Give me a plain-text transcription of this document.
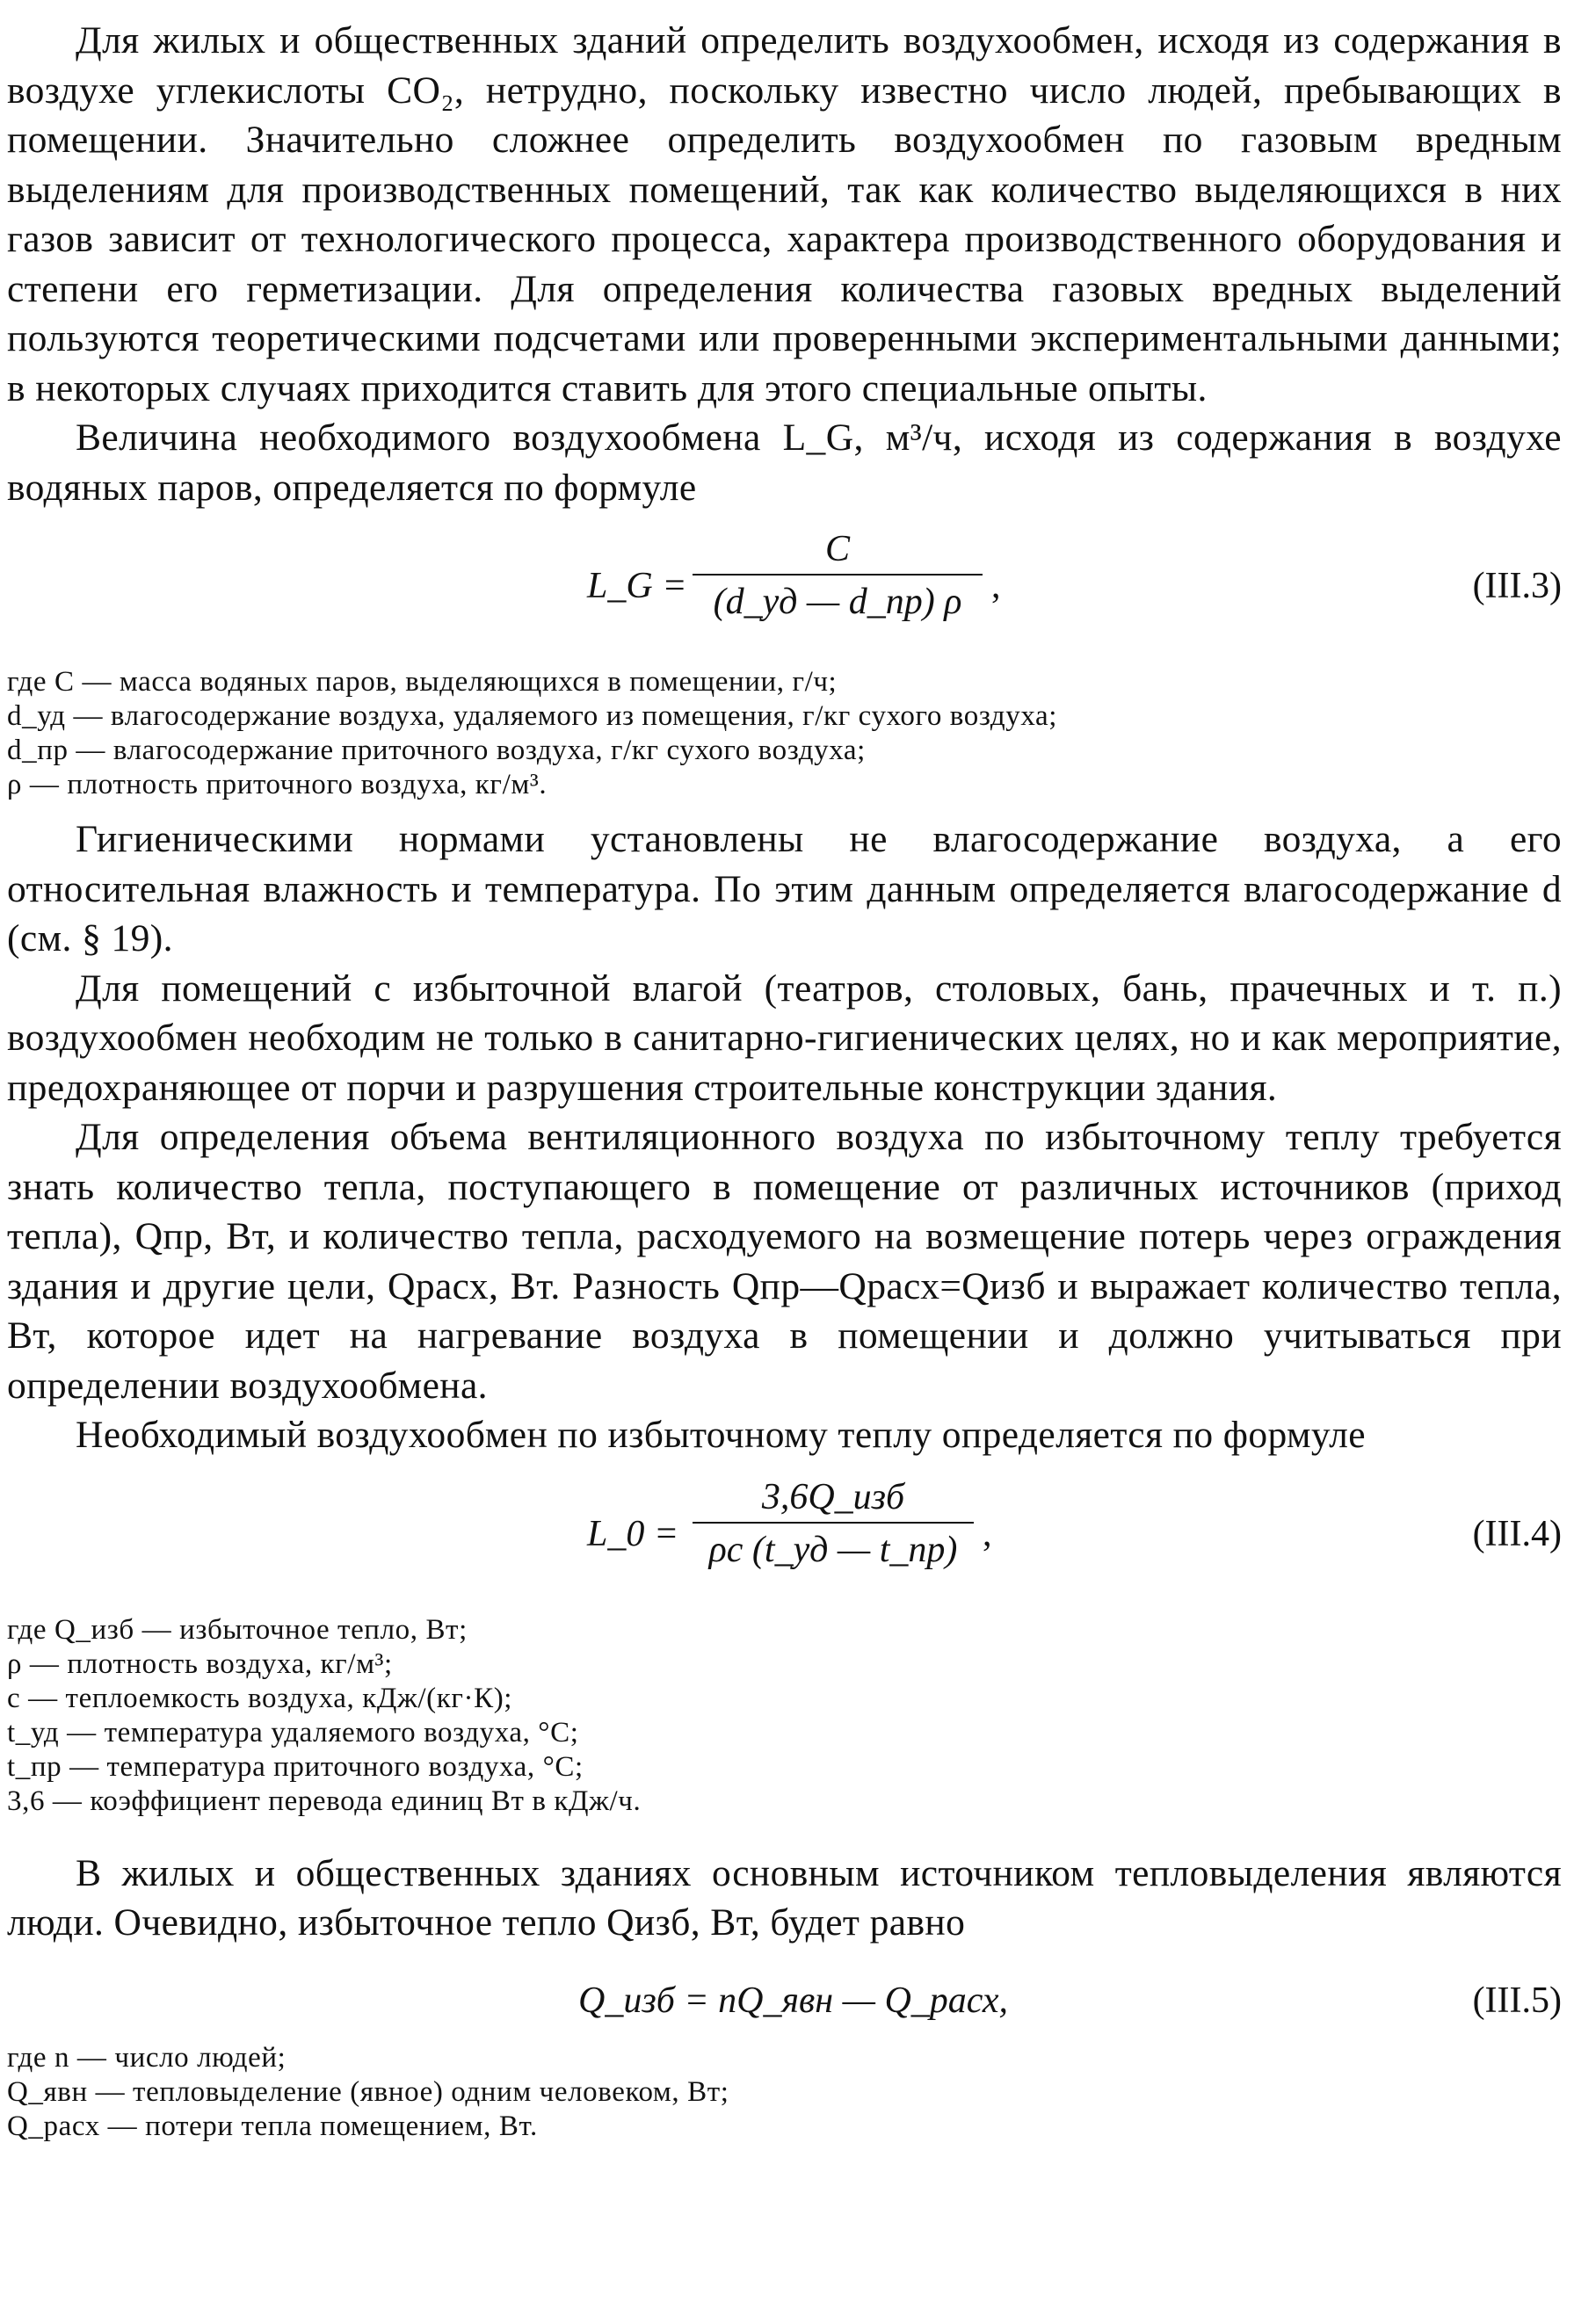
Для жилых и общественных зданий определить воздухообмен, исходя из содержания в воздухе углекислоты CO₂, нетрудно, поскольку известно число людей, пребывающих в помещении. Значительно сложнее определить воздухообмен по газовым вредным выделениям для производственных помещений, так как количество выделяющихся в них газов зависит от технологического процесса, характера производственного оборудования и степени его герметизации. Для определения количества газовых вредных выделений пользуются теоретическими подсчетами или проверенными экспериментальными данными; в некоторых случаях приходится ставить для этого специальные опыты.

Величина необходимого воздухообмена L_G, м³/ч, исходя из содержания в воздухе водяных паров, определяется по формуле

L_G =
C
(d_уд — d_пр) ρ ,	(III.3)
где C — масса водяных паров, выделяющихся в помещении, г/ч;
d_уд — влагосодержание воздуха, удаляемого из помещения, г/кг сухого воздуха;
d_пр — влагосодержание приточного воздуха, г/кг сухого воздуха;
ρ — плотность приточного воздуха, кг/м³.

Гигиеническими нормами установлены не влагосодержание воздуха, а его относительная влажность и температура. По этим данным определяется влагосодержание d (см. § 19).

Для помещений с избыточной влагой (театров, столовых, бань, прачечных и т. п.) воздухообмен необходим не только в санитарно-гигиенических целях, но и как мероприятие, предохраняющее от порчи и разрушения строительные конструкции здания.

Для определения объема вентиляционного воздуха по избыточному теплу требуется знать количество тепла, поступающего в помещение от различных источников (приход тепла), Qпр, Вт, и количество тепла, расходуемого на возмещение потерь через ограждения здания и другие цели, Qрасх, Вт. Разность Qпр—Qрасх=Qизб и выражает количество тепла, Вт, которое идет на нагревание воздуха в помещении и должно учитываться при определении воздухообмена.

Необходимый воздухообмен по избыточному теплу определяется по формуле

L_0 =
3,6Q_изб
ρc (t_уд — t_пр) ,	(III.4)
где Q_изб — избыточное тепло, Вт;
ρ — плотность воздуха, кг/м³;
c — теплоемкость воздуха, кДж/(кг·К);
t_уд — температура удаляемого воздуха, °С;
t_пр — температура приточного воздуха, °С;
3,6 — коэффициент перевода единиц Вт в кДж/ч.

В жилых и общественных зданиях основным источником тепловыделения являются люди. Очевидно, избыточное тепло Qизб, Вт, будет равно

Q_изб = nQ_явн — Q_расх,	(III.5)
где n — число людей;
Q_явн — тепловыделение (явное) одним человеком, Вт;
Q_расх — потери тепла помещением, Вт.
